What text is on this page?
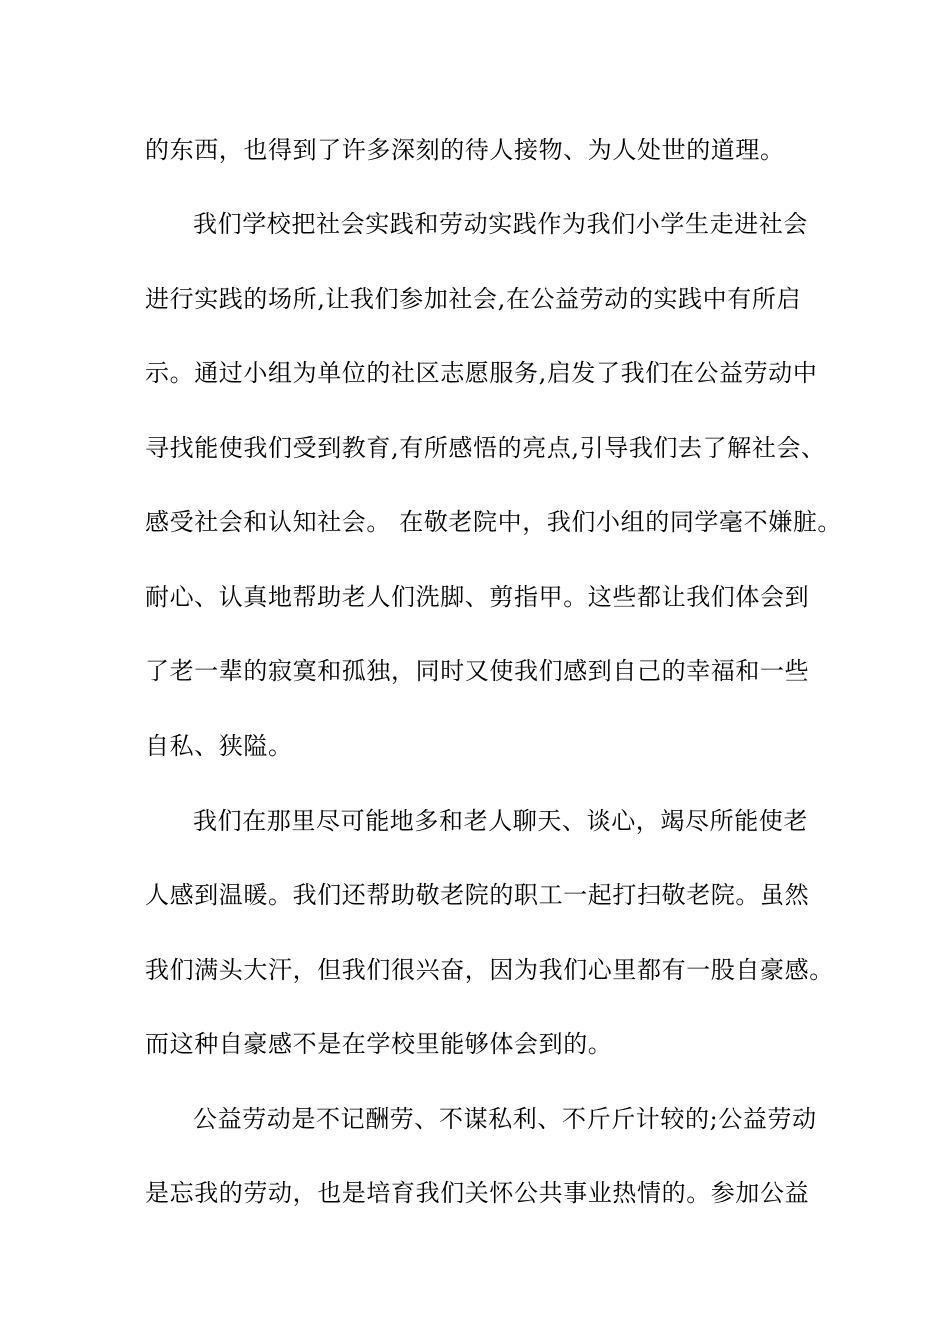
的东西，也得到了许多深刻的待人接物、为人处世的道理。
我们学校把社会实践和劳动实践作为我们小学生走进社会
进行实践的场所,让我们参加社会,在公益劳动的实践中有所启
示。通过小组为单位的社区志愿服务,启发了我们在公益劳动中
寻找能使我们受到教育,有所感悟的亮点,引导我们去了解社会、
感受社会和认知社会。 在敬老院中，我们小组的同学毫不嫌脏。
耐心、认真地帮助老人们洗脚、剪指甲。这些都让我们体会到
了老一辈的寂寞和孤独，同时又使我们感到自己的幸福和一些
自私、狭隘。
我们在那里尽可能地多和老人聊天、谈心，竭尽所能使老
人感到温暖。我们还帮助敬老院的职工一起打扫敬老院。虽然
我们满头大汗，但我们很兴奋，因为我们心里都有一股自豪感。
而这种自豪感不是在学校里能够体会到的。
公益劳动是不记酬劳、不谋私利、不斤斤计较的;公益劳动
是忘我的劳动，也是培育我们关怀公共事业热情的。参加公益
